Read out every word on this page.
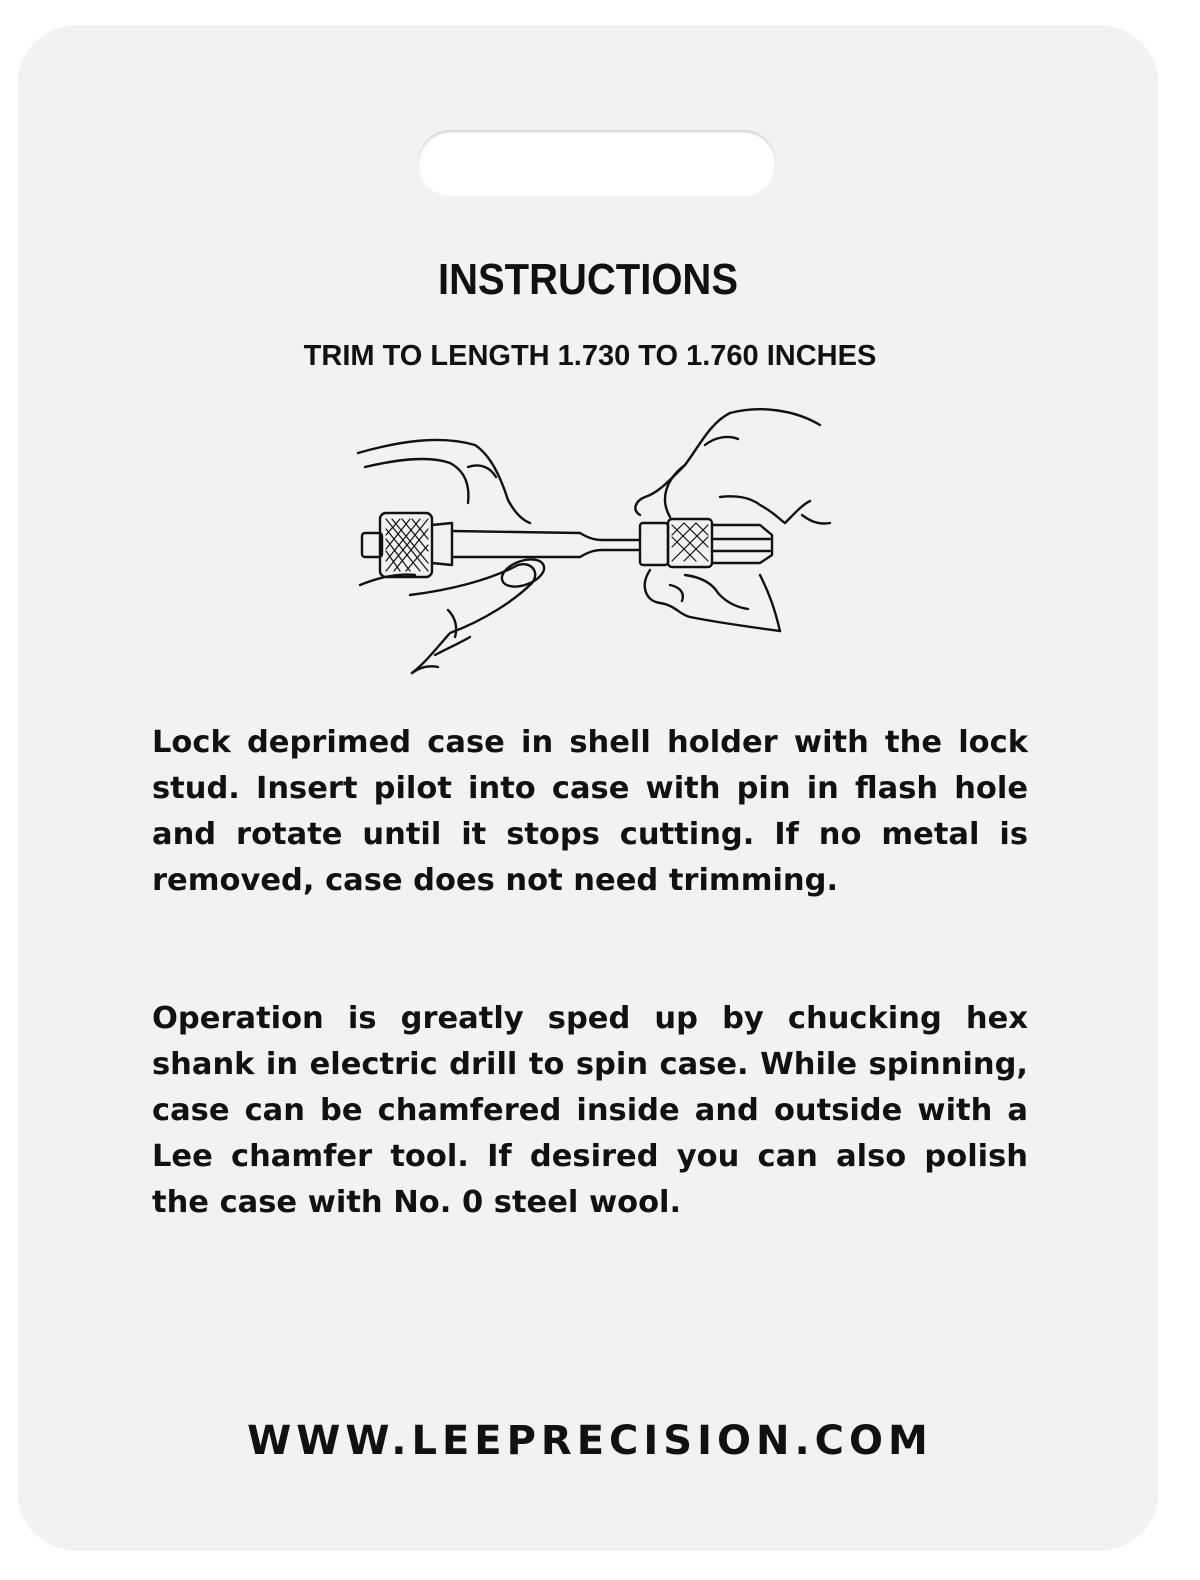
INSTRUCTIONS
TRIM TO LENGTH 1.730 TO 1.760 INCHES
Lock deprimed case in shell holder with the lock stud. Insert pilot into case with pin in flash hole and rotate until it stops cutting. If no metal is removed, case does not need trimming.
Operation is greatly sped up by chucking hex shank in electric drill to spin case. While spinning, case can be chamfered inside and outside with a Lee chamfer tool. If desired you can also polish the case with No. 0 steel wool.
WWW.LEEPRECISION.COM
